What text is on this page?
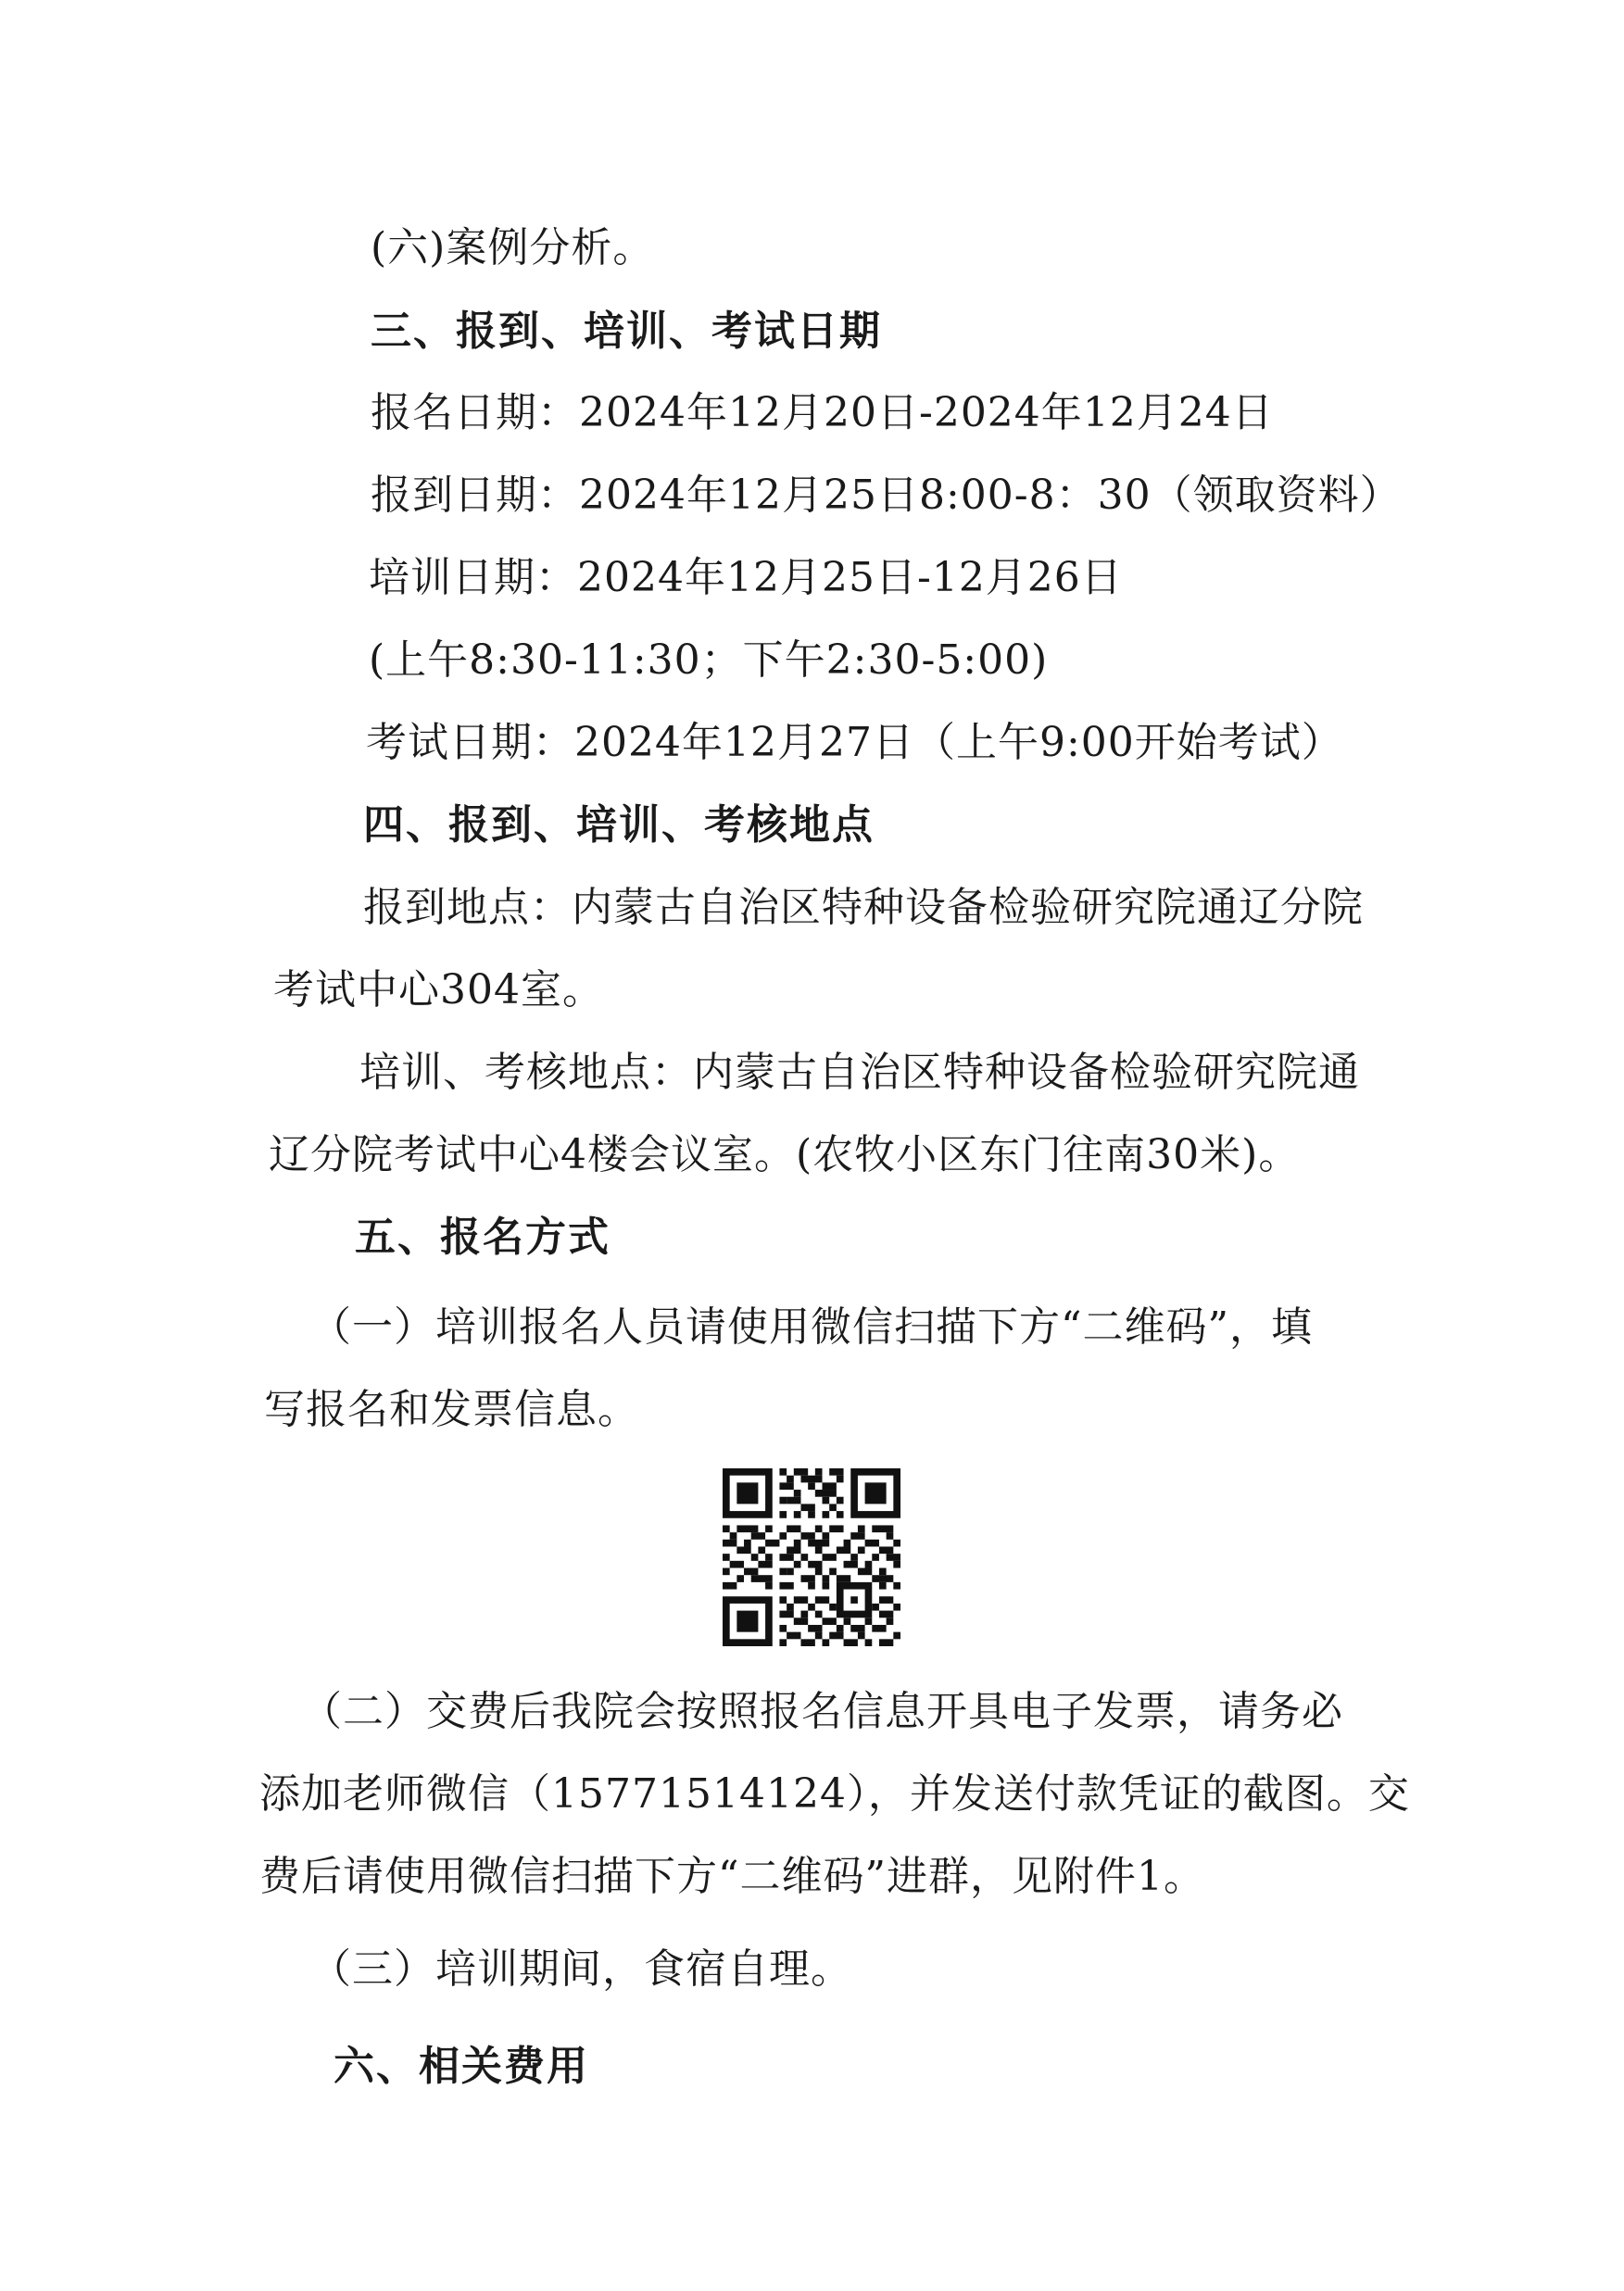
(六)案例分析。
三、报到、培训、考试日期
报名日期：2024年12月20日-2024年12月24日
报到日期：2024年12月25日8:00-8：30（领取资料）
培训日期：2024年12月25日-12月26日
(上午8:30-11:30；下午2:30-5:00)
考试日期：2024年12月27日（上午9:00开始考试）
四、报到、培训、考核地点
报到地点：内蒙古自治区特种设备检验研究院通辽分院
考试中心304室。
培训、考核地点：内蒙古自治区特种设备检验研究院通
辽分院考试中心4楼会议室。(农牧小区东门往南30米)。
五、报名方式
（一）培训报名人员请使用微信扫描下方“二维码”，填
写报名和发票信息。
（二）交费后我院会按照报名信息开具电子发票，请务必
添加老师微信（15771514124），并发送付款凭证的截图。交
费后请使用微信扫描下方“二维码”进群，见附件1。
（三）培训期间，食宿自理。
六、相关费用
